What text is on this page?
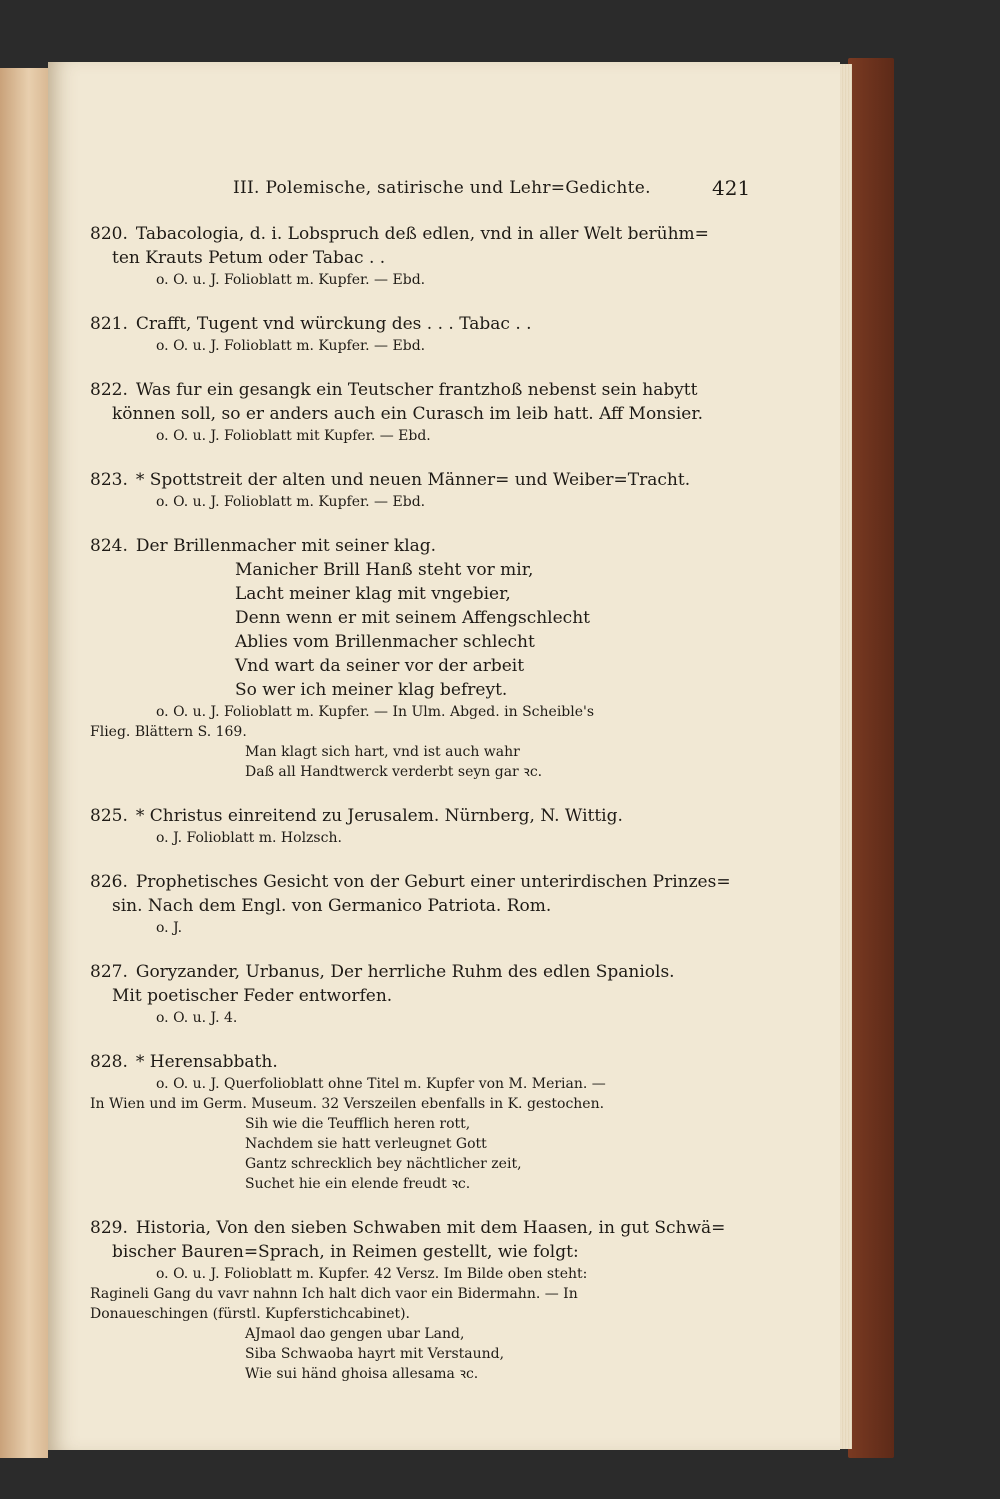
III. Polemische, satirische und Lehr=Gedichte.	421
820. Tabacologia, d. i. Lobspruch deß edlen, vnd in aller Welt berühm=
ten Krauts Petum oder Tabac . .
o. O. u. J. Folioblatt m. Kupfer. — Ebd.
821. Crafft, Tugent vnd würckung des . . . Tabac . .
o. O. u. J. Folioblatt m. Kupfer. — Ebd.
822. Was fur ein gesangk ein Teutscher frantzhoß nebenst sein habytt
können soll, so er anders auch ein Curasch im leib hatt. Aff Monsier.
o. O. u. J. Folioblatt mit Kupfer. — Ebd.
823. * Spottstreit der alten und neuen Männer= und Weiber=Tracht.
o. O. u. J. Folioblatt m. Kupfer. — Ebd.
824. Der Brillenmacher mit seiner klag.
Manicher Brill Hanß steht vor mir,
Lacht meiner klag mit vngebier,
Denn wenn er mit seinem Affengschlecht
Ablies vom Brillenmacher schlecht
Vnd wart da seiner vor der arbeit
So wer ich meiner klag befreyt.
o. O. u. J. Folioblatt m. Kupfer. — In Ulm. Abged. in Scheible's
Flieg. Blättern S. 169.
Man klagt sich hart, vnd ist auch wahr
Daß all Handtwerck verderbt seyn gar ꝛc.
825. * Christus einreitend zu Jerusalem. Nürnberg, N. Wittig.
o. J. Folioblatt m. Holzsch.
826. Prophetisches Gesicht von der Geburt einer unterirdischen Prinzes=
sin. Nach dem Engl. von Germanico Patriota. Rom.
o. J.
827. Goryzander, Urbanus, Der herrliche Ruhm des edlen Spaniols.
Mit poetischer Feder entworfen.
o. O. u. J. 4.
828. * Herensabbath.
o. O. u. J. Querfolioblatt ohne Titel m. Kupfer von M. Merian. —
In Wien und im Germ. Museum. 32 Verszeilen ebenfalls in K. gestochen.
Sih wie die Teufflich heren rott,
Nachdem sie hatt verleugnet Gott
Gantz schrecklich bey nächtlicher zeit,
Suchet hie ein elende freudt ꝛc.
829. Historia, Von den sieben Schwaben mit dem Haasen, in gut Schwä=
bischer Bauren=Sprach, in Reimen gestellt, wie folgt:
o. O. u. J. Folioblatt m. Kupfer. 42 Versz. Im Bilde oben steht:
Ragineli Gang du vavr nahnn Ich halt dich vaor ein Bidermahn. — In
Donaueschingen (fürstl. Kupferstichcabinet).
AJmaol dao gengen ubar Land,
Siba Schwaoba hayrt mit Verstaund,
Wie sui händ ghoisa allesama ꝛc.
